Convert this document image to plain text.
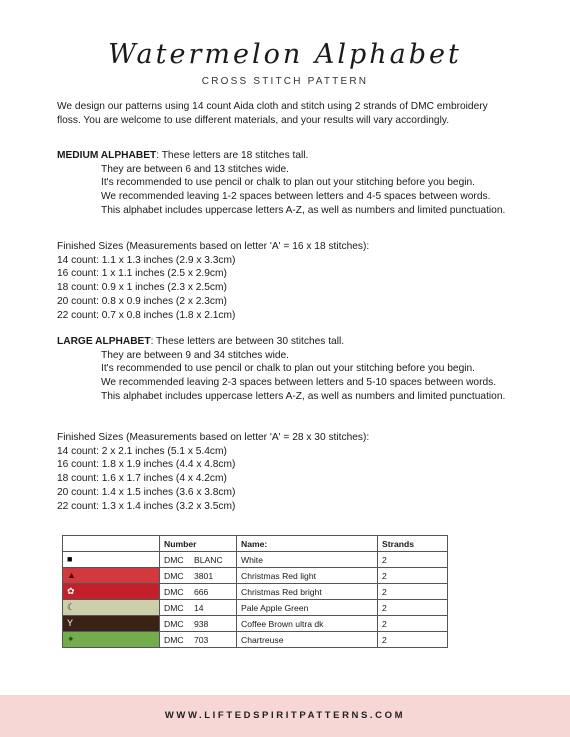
Watermelon Alphabet
CROSS STITCH PATTERN
We design our patterns using 14 count Aida cloth and stitch using 2 strands of DMC embroidery
floss. You are welcome to use different materials, and your results will vary accordingly.
MEDIUM ALPHABET: These letters are 18 stitches tall.
They are between 6 and 13 stitches wide.
It's recommended to use pencil or chalk to plan out your stitching before you begin.
We recommended leaving 1-2 spaces between letters and 4-5 spaces between words.
This alphabet includes uppercase letters A-Z, as well as numbers and limited punctuation.
Finished Sizes (Measurements based on letter 'A' = 16 x 18 stitches):
14 count: 1.1 x 1.3 inches (2.9 x 3.3cm)
16 count: 1 x 1.1 inches (2.5 x 2.9cm)
18 count: 0.9 x 1 inches (2.3 x 2.5cm)
20 count: 0.8 x 0.9 inches (2 x 2.3cm)
22 count: 0.7 x 0.8 inches (1.8 x 2.1cm)
LARGE ALPHABET: These letters are between 30 stitches tall.
They are between 9 and 34 stitches wide.
It's recommended to use pencil or chalk to plan out your stitching before you begin.
We recommended leaving 2-3 spaces between letters and 5-10 spaces between words.
This alphabet includes uppercase letters A-Z, as well as numbers and limited punctuation.
Finished Sizes (Measurements based on letter 'A' = 28 x 30 stitches):
14 count: 2 x 2.1 inches (5.1 x 5.4cm)
16 count: 1.8 x 1.9 inches (4.4 x 4.8cm)
18 count: 1.6 x 1.7 inches (4 x 4.2cm)
20 count: 1.4 x 1.5 inches (3.6 x 3.8cm)
22 count: 1.3 x 1.4 inches (3.2 x 3.5cm)
	Number	Name:	Strands
■	DMC BLANC	White	2
▲	DMC 3801	Christmas Red light	2
✿	DMC 666	Christmas Red bright	2
☾	DMC 14	Pale Apple Green	2
Y	DMC 938	Coffee Brown ultra dk	2
✦	DMC 703	Chartreuse	2
WWW.LIFTEDSPIRITPATTERNS.COM
